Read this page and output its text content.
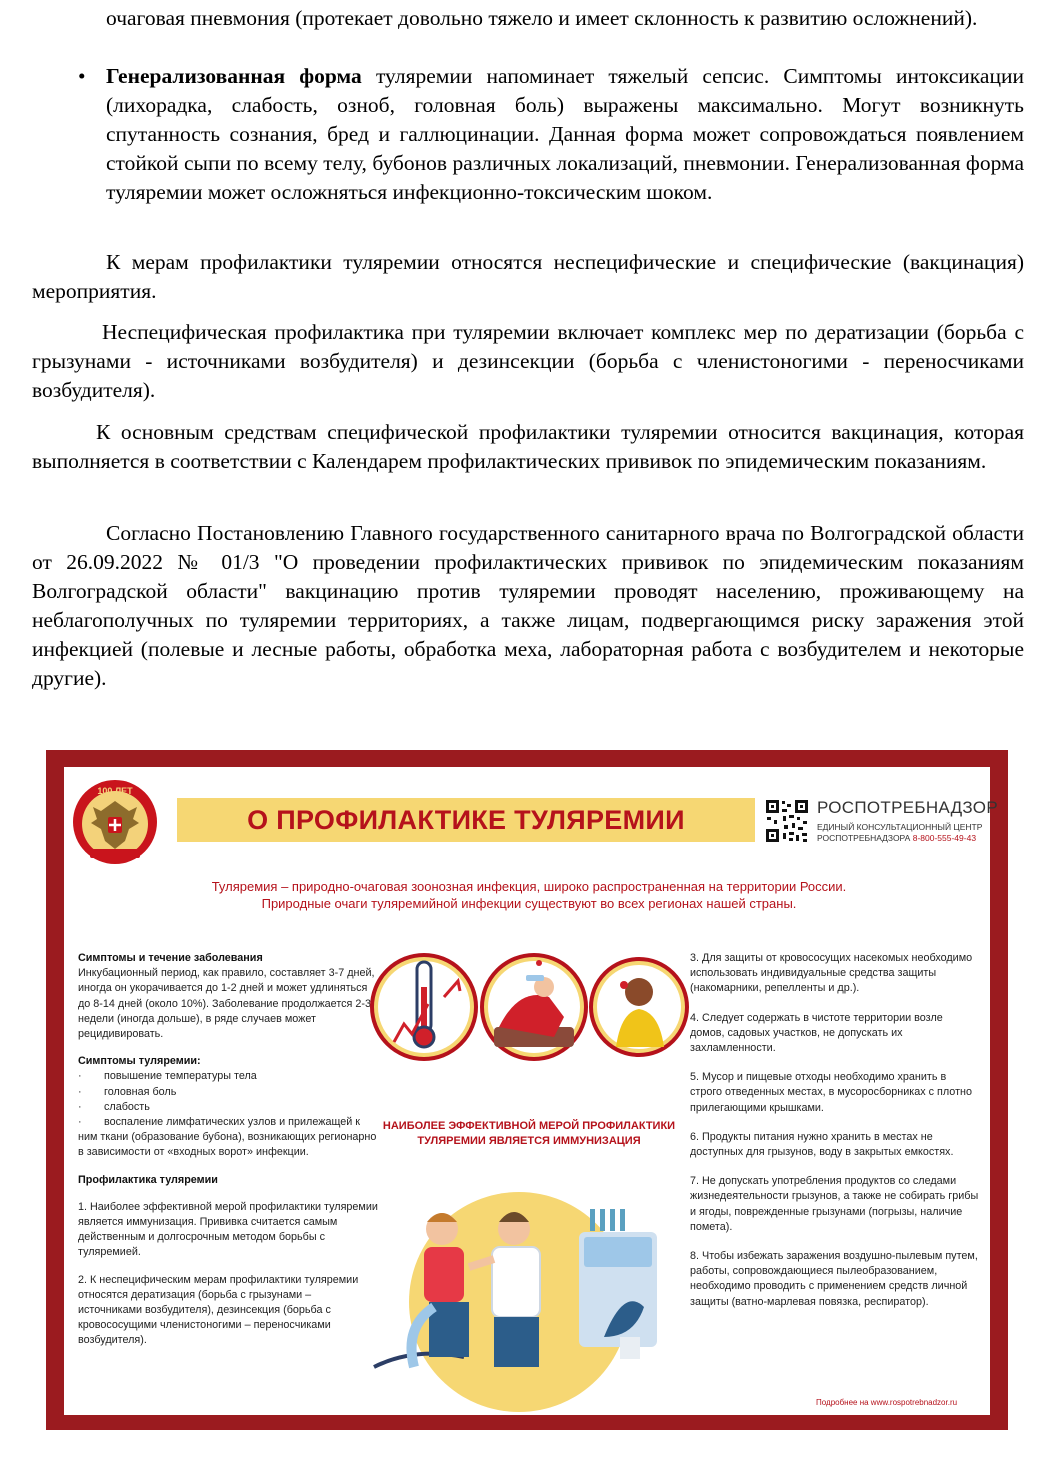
очаговая пневмония (протекает довольно тяжело и имеет склонность к развитию осложнений).
• Генерализованная форма туляремии напоминает тяжелый сепсис. Симптомы интоксикации (лихорадка, слабость, озноб, головная боль) выражены максимально. Могут возникнуть спутанность сознания, бред и галлюцинации. Данная форма может сопровождаться появлением стойкой сыпи по всему телу, бубонов различных локализаций, пневмонии. Генерализованная форма туляремии может осложняться инфекционно-токсическим шоком.
К мерам профилактики туляремии относятся неспецифические и специфические (вакцинация) мероприятия.
Неспецифическая профилактика при туляремии включает комплекс мер по дератизации (борьба с грызунами - источниками возбудителя) и дезинсекции (борьба с членистоногими - переносчиками возбудителя).
К основным средствам специфической профилактики туляремии относится вакцинация, которая выполняется в соответствии с Календарем профилактических прививок по эпидемическим показаниям.
Согласно Постановлению Главного государственного санитарного врача по Волгоградской области от 26.09.2022 № 01/3 "О проведении профилактических прививок по эпидемическим показаниям Волгоградской области" вакцинацию против туляремии проводят населению, проживающему на неблагополучных по туляремии территориях, а также лицам, подвергающимся риску заражения этой инфекцией (полевые и лесные работы, обработка меха, лабораторная работа с возбудителем и некоторые другие).
100 ЛЕТ
О ПРОФИЛАКТИКЕ ТУЛЯРЕМИИ	РОСПОТРЕБНАДЗОР
ЕДИНЫЙ КОНСУЛЬТАЦИОННЫЙ ЦЕНТР
РОСПОТРЕБНАДЗОРА 8-800-555-49-43
Туляремия – природно-очаговая зоонозная инфекция, широко распространенная на территории России.
Природные очаги туляремийной инфекции существуют во всех регионах нашей страны.
Симптомы и течение заболевания
Инкубационный период, как правило, составляет 3-7 дней, иногда он укорачивается до 1-2 дней и может удлиняться до 8-14 дней (около 10%). Заболевание продолжается 2-3 недели (иногда дольше), в ряде случаев может рецидивировать.
Симптомы туляремии:
· повышение температуры тела
· головная боль
· слабость
· воспаление лимфатических узлов и прилежащей к ним ткани (образование бубона), возникающих регионарно в зависимости от «входных ворот» инфекции.
Профилактика туляремии
1. Наиболее эффективной мерой профилактики туляремии является иммунизация. Прививка считается самым действенным и долгосрочным методом борьбы с туляремией.
2. К неспецифическим мерам профилактики туляремии относятся дератизация (борьба с грызунами – источниками возбудителя), дезинсекция (борьба с кровососущими членистоногими – переносчиками возбудителя).
НАИБОЛЕЕ ЭФФЕКТИВНОЙ МЕРОЙ ПРОФИЛАКТИКИ
ТУЛЯРЕМИИ ЯВЛЯЕТСЯ ИММУНИЗАЦИЯ
3. Для защиты от кровососущих насекомых необходимо использовать индивидуальные средства защиты (накомарники, репелленты и др.).
4. Следует содержать в чистоте территории возле домов, садовых участков, не допускать их захламленности.
5. Мусор и пищевые отходы необходимо хранить в строго отведенных местах, в мусоросборниках с плотно прилегающими крышками.
6. Продукты питания нужно хранить в местах не доступных для грызунов, воду в закрытых емкостях.
7. Не допускать употребления продуктов со следами жизнедеятельности грызунов, а также не собирать грибы и ягоды, поврежденные грызунами (погрызы, наличие помета).
8. Чтобы избежать заражения воздушно-пылевым путем, работы, сопровождающиеся пылеобразованием, необходимо проводить с применением средств личной защиты (ватно-марлевая повязка, респиратор).
Подробнее на www.rospotrebnadzor.ru
